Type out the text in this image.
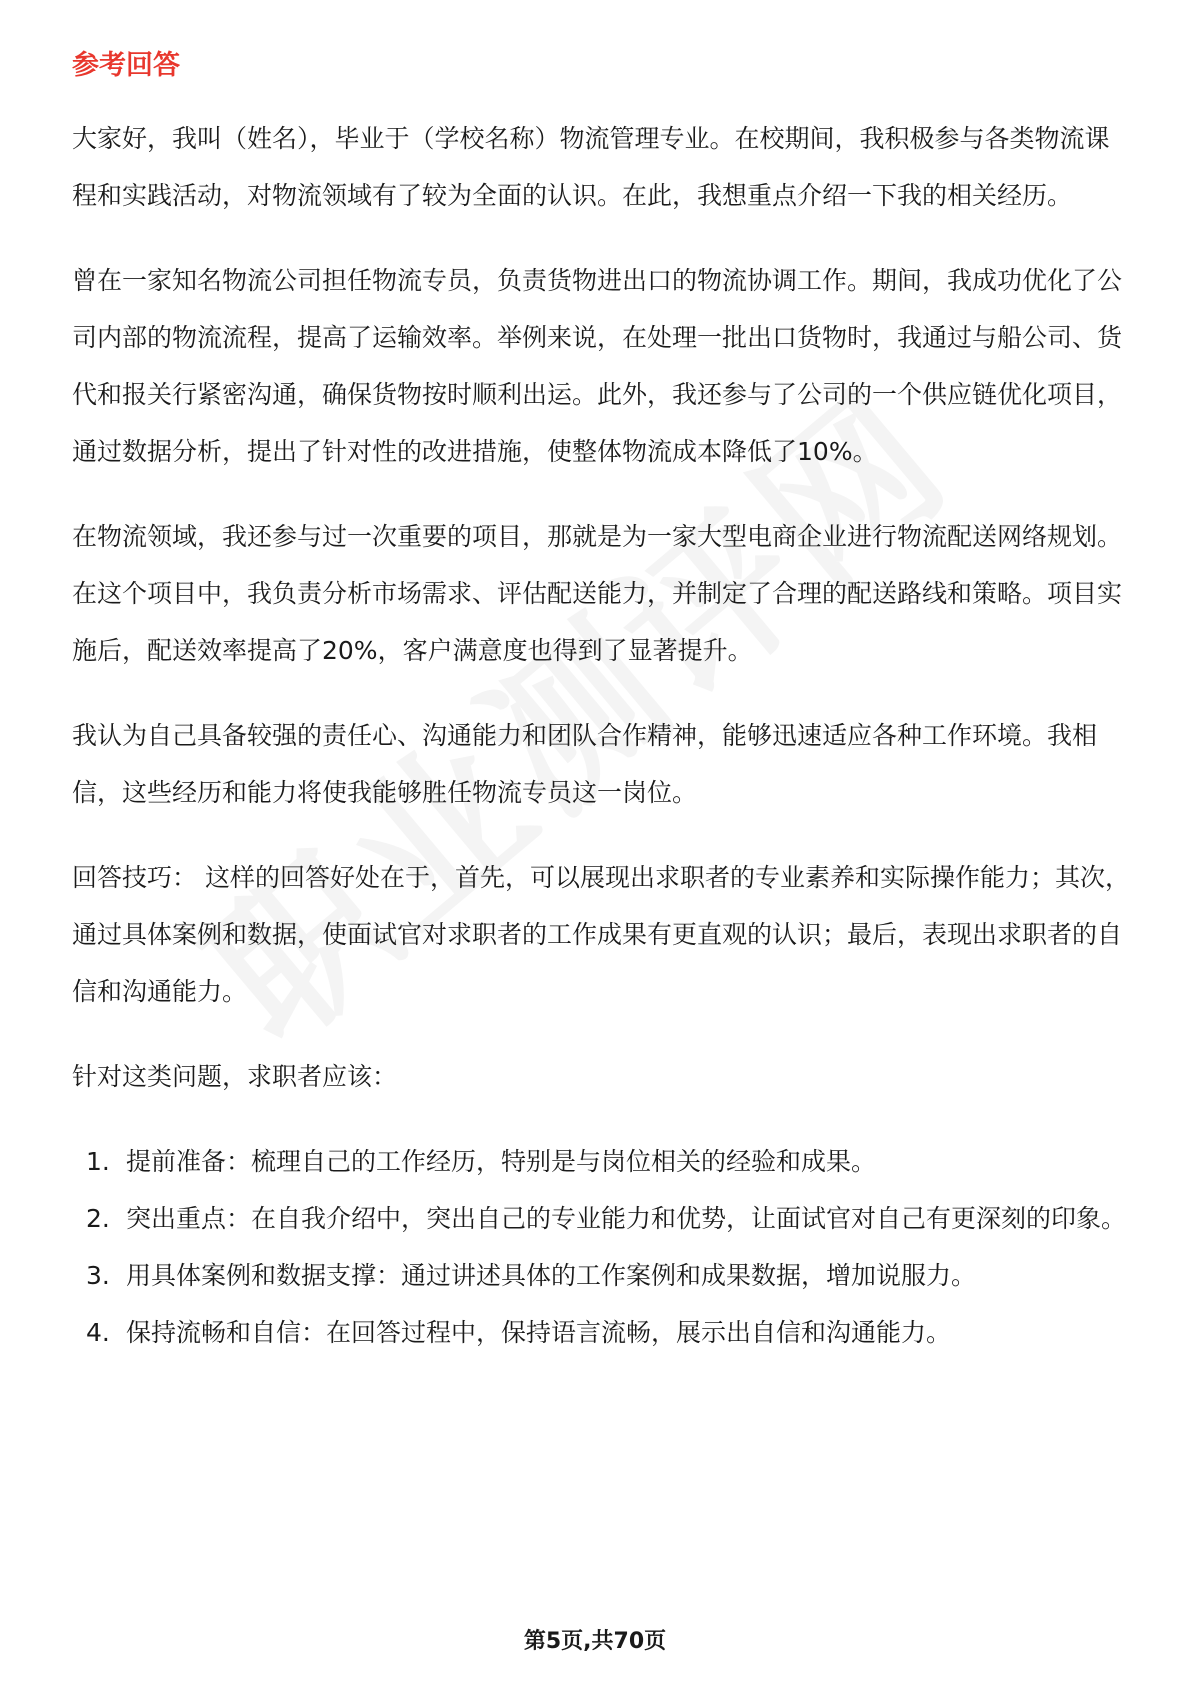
参考回答

大家好，我叫（姓名），毕业于（学校名称）物流管理专业。在校期间，我积极参与各类物流课程和实践活动，对物流领域有了较为全面的认识。在此，我想重点介绍一下我的相关经历。

曾在一家知名物流公司担任物流专员，负责货物进出口的物流协调工作。期间，我成功优化了公司内部的物流流程，提高了运输效率。举例来说，在处理一批出口货物时，我通过与船公司、货代和报关行紧密沟通，确保货物按时顺利出运。此外，我还参与了公司的一个供应链优化项目，通过数据分析，提出了针对性的改进措施，使整体物流成本降低了10%。

在物流领域，我还参与过一次重要的项目，那就是为一家大型电商企业进行物流配送网络规划。在这个项目中，我负责分析市场需求、评估配送能力，并制定了合理的配送路线和策略。项目实施后，配送效率提高了20%，客户满意度也得到了显著提升。

我认为自己具备较强的责任心、沟通能力和团队合作精神，能够迅速适应各种工作环境。我相信，这些经历和能力将使我能够胜任物流专员这一岗位。

回答技巧： 这样的回答好处在于，首先，可以展现出求职者的专业素养和实际操作能力；其次，通过具体案例和数据，使面试官对求职者的工作成果有更直观的认识；最后，表现出求职者的自信和沟通能力。

针对这类问题，求职者应该：

1. 提前准备：梳理自己的工作经历，特别是与岗位相关的经验和成果。
2. 突出重点：在自我介绍中，突出自己的专业能力和优势，让面试官对自己有更深刻的印象。
3. 用具体案例和数据支撑：通过讲述具体的工作案例和成果数据，增加说服力。
4. 保持流畅和自信：在回答过程中，保持语言流畅，展示出自信和沟通能力。
第5页,共70页
